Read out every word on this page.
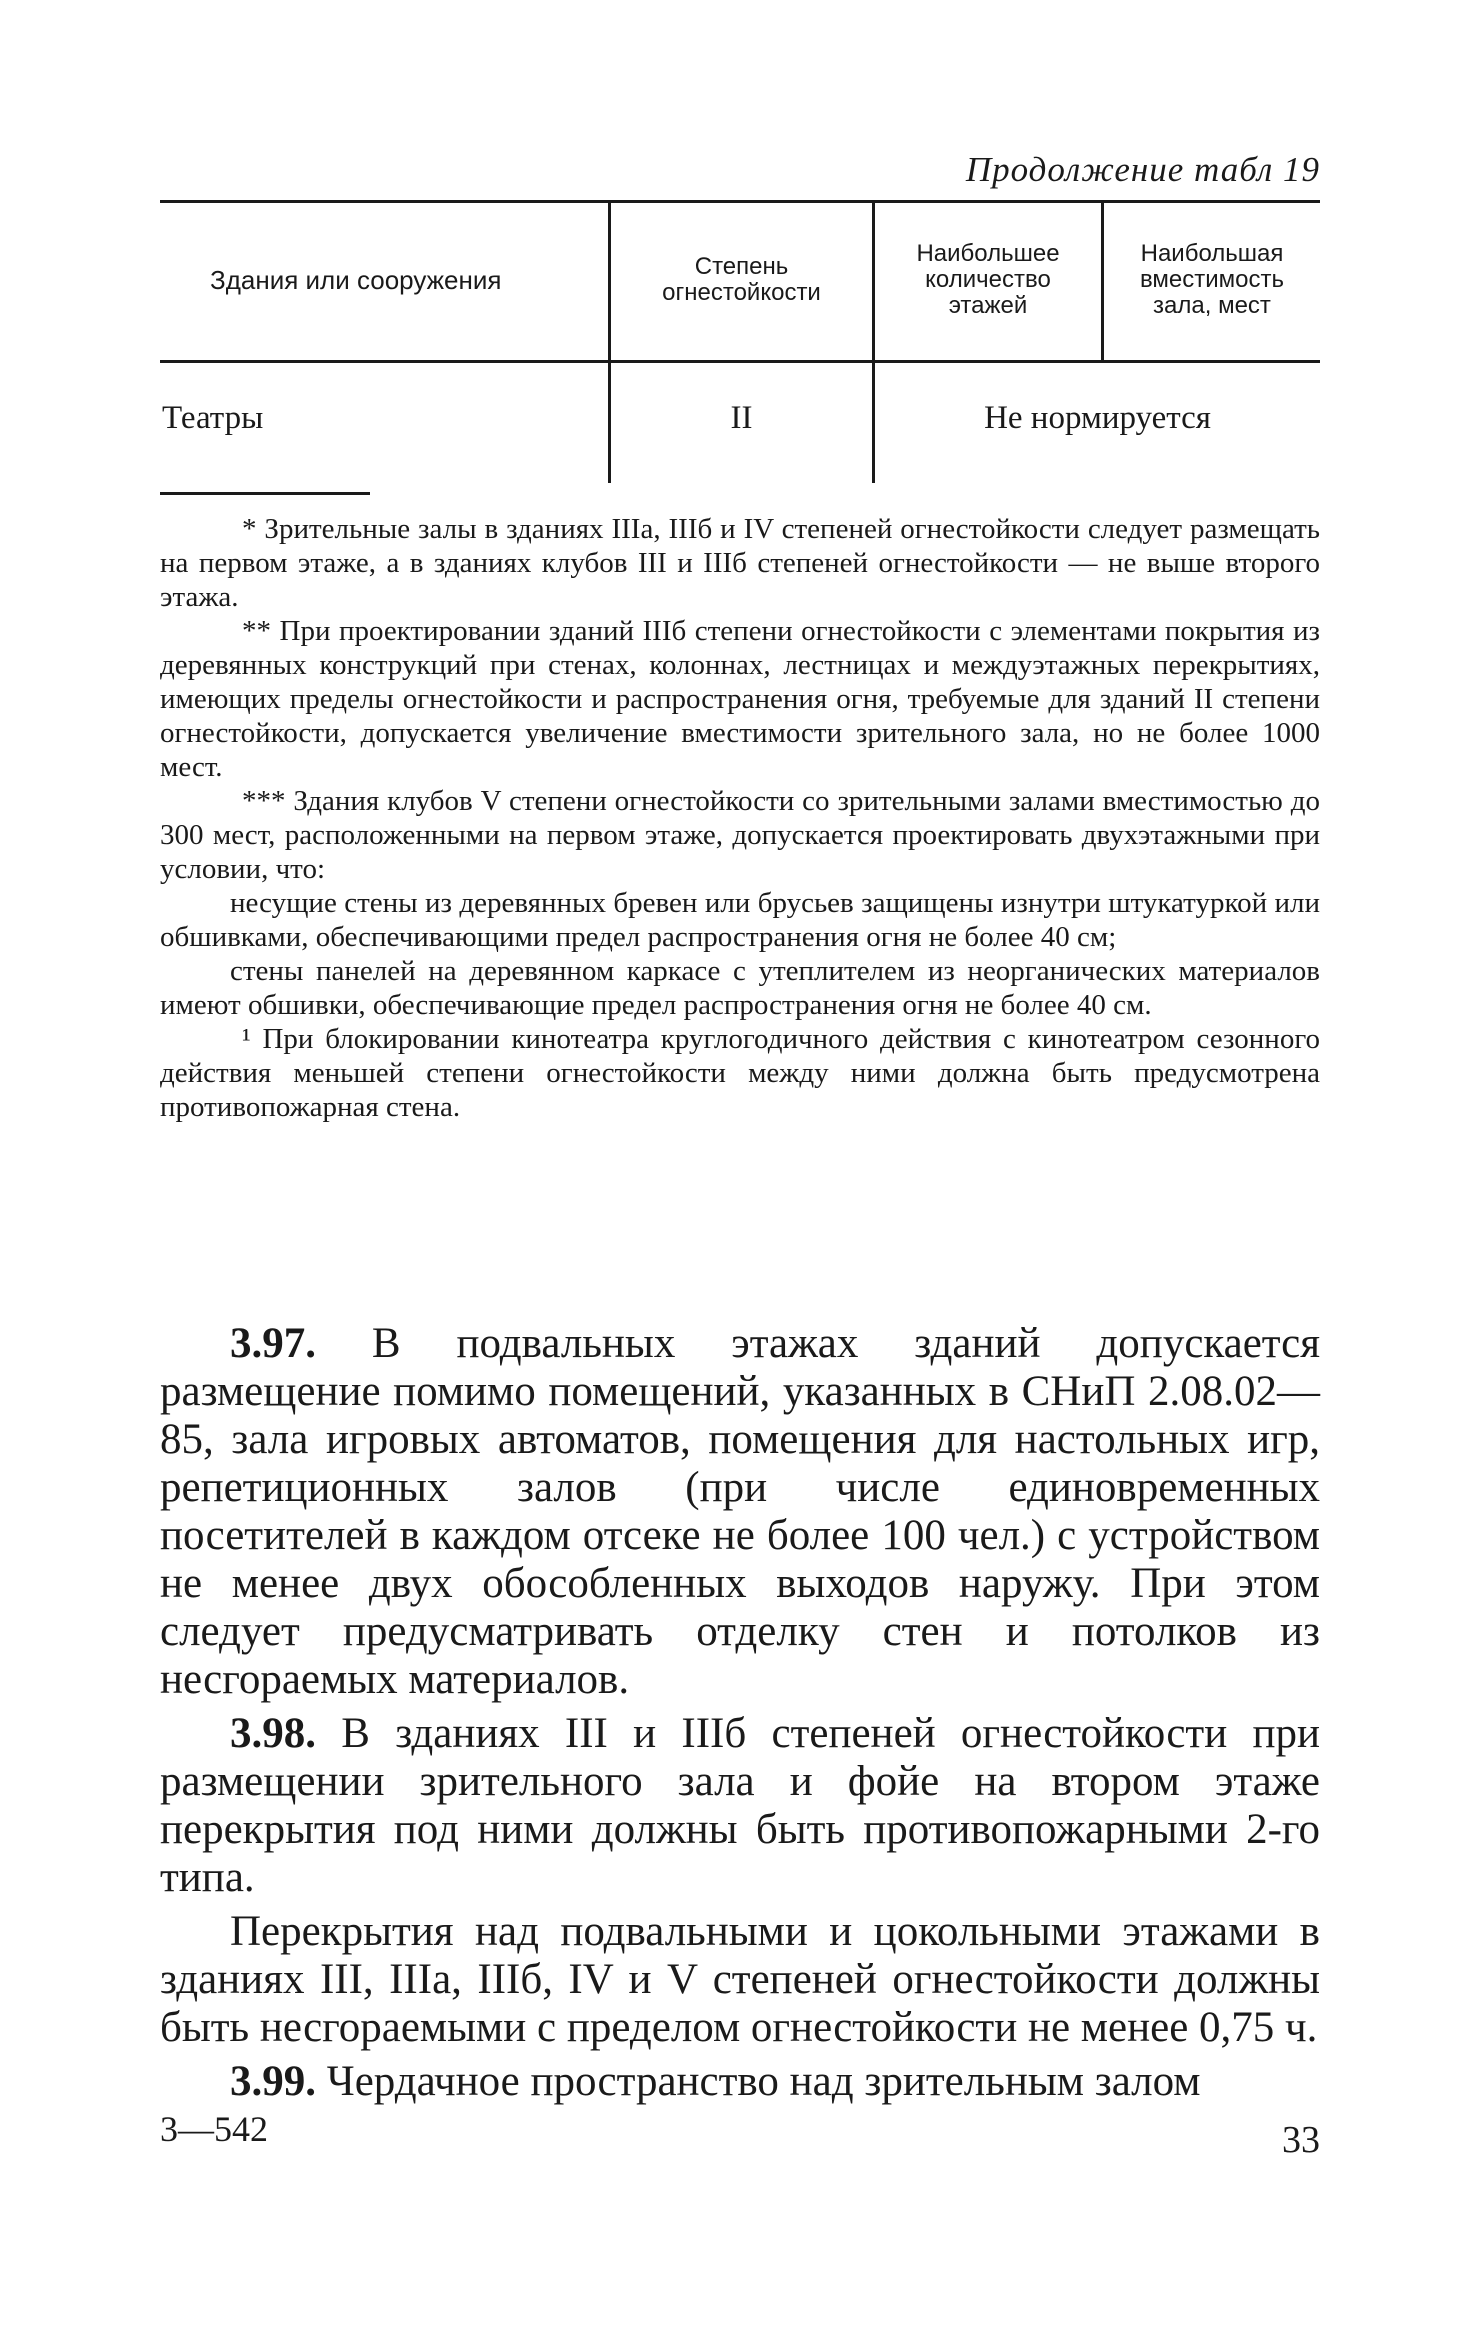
Продолжение табл 19
Здания или сооружения	Степень огнестойкости	Наибольшее количество этажей	Наибольшая вместимость зала, мест
Театры	II	Не нормируется	

* Зрительные залы в зданиях IIIа, IIIб и IV степеней огнестойкости следует размещать на первом этаже, а в зданиях клубов III и IIIб степеней огнестойкости — не выше второго этажа.

** При проектировании зданий IIIб степени огнестойкости с элементами покрытия из деревянных конструкций при стенах, колоннах, лестницах и междуэтажных перекрытиях, имеющих пределы огнестойкости и распространения огня, требуемые для зданий II степени огнестойкости, допускается увеличение вместимости зрительного зала, но не более 1000 мест.

*** Здания клубов V степени огнестойкости со зрительными залами вместимостью до 300 мест, расположенными на первом этаже, допускается проектировать двухэтажными при условии, что:

несущие стены из деревянных бревен или брусьев защищены изнутри штукатуркой или обшивками, обеспечивающими предел распространения огня не более 40 см;

стены панелей на деревянном каркасе с утеплителем из неорганических материалов имеют обшивки, обеспечивающие предел распространения огня не более 40 см.

¹ При блокировании кинотеатра круглогодичного действия с кинотеатром сезонного действия меньшей степени огнестойкости между ними должна быть предусмотрена противопожарная стена.

3.97. В подвальных этажах зданий допускается размещение помимо помещений, указанных в СНиП 2.08.02—85, зала игровых автоматов, помещения для настольных игр, репетиционных залов (при числе единовременных посетителей в каждом отсеке не более 100 чел.) с устройством не менее двух обособленных выходов наружу. При этом следует предусматривать отделку стен и потолков из несгораемых материалов.

3.98. В зданиях III и IIIб степеней огнестойкости при размещении зрительного зала и фойе на втором этаже перекрытия под ними должны быть противопожарными 2-го типа.

Перекрытия над подвальными и цокольными этажами в зданиях III, IIIа, IIIб, IV и V степеней огнестойкости должны быть несгораемыми с пределом огнестойкости не менее 0,75 ч.

3.99. Чердачное пространство над зрительным залом

3—542	33
